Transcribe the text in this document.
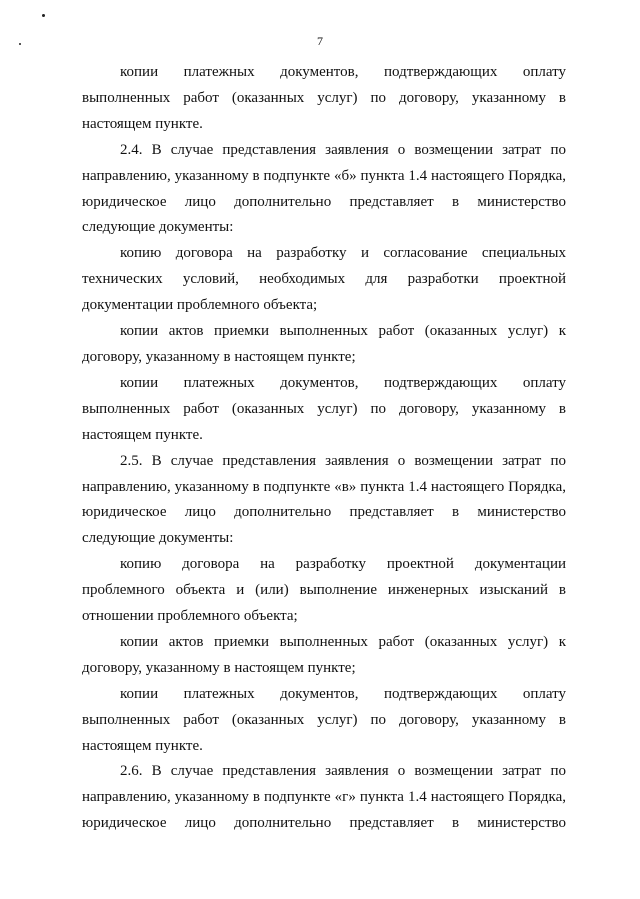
7

копии платежных документов, подтверждающих оплату выполненных работ (оказанных услуг) по договору, указанному в настоящем пункте.

2.4. В случае представления заявления о возмещении затрат по направлению, указанному в подпункте «б» пункта 1.4 настоящего Порядка, юридическое лицо дополнительно представляет в министерство следующие документы:

копию договора на разработку и согласование специальных технических условий, необходимых для разработки проектной документации проблемного объекта;

копии актов приемки выполненных работ (оказанных услуг) к договору, указанному в настоящем пункте;

копии платежных документов, подтверждающих оплату выполненных работ (оказанных услуг) по договору, указанному в настоящем пункте.

2.5. В случае представления заявления о возмещении затрат по направлению, указанному в подпункте «в» пункта 1.4 настоящего Порядка, юридическое лицо дополнительно представляет в министерство следующие документы:

копию договора на разработку проектной документации проблемного объекта и (или) выполнение инженерных изысканий в отношении проблемного объекта;

копии актов приемки выполненных работ (оказанных услуг) к договору, указанному в настоящем пункте;

копии платежных документов, подтверждающих оплату выполненных работ (оказанных услуг) по договору, указанному в настоящем пункте.

2.6. В случае представления заявления о возмещении затрат по направлению, указанному в подпункте «г» пункта 1.4 настоящего Порядка, юридическое лицо дополнительно представляет в министерство
